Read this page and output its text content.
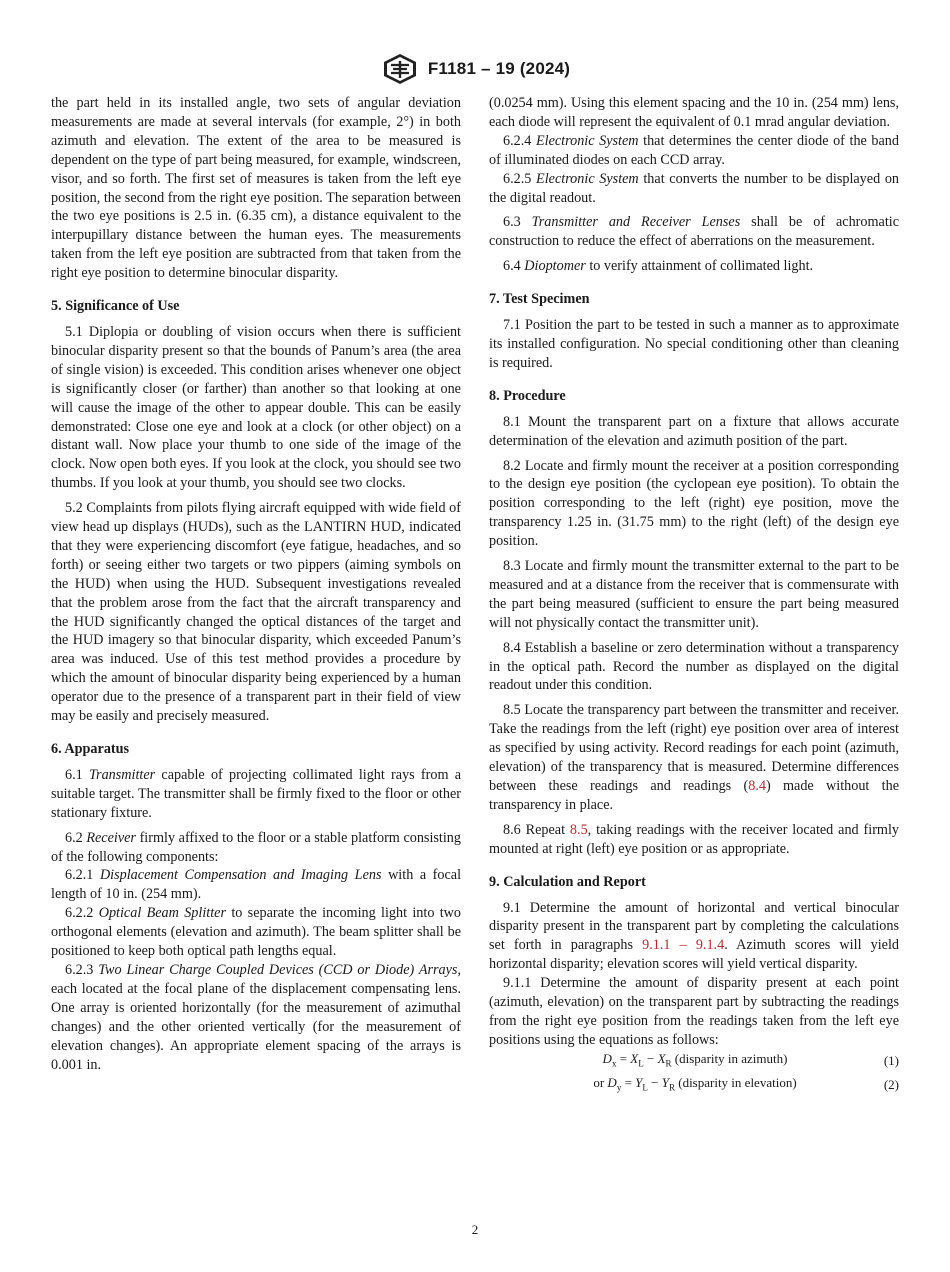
F1181 – 19 (2024)

the part held in its installed angle, two sets of angular deviation measurements are made at several intervals (for example, 2°) in both azimuth and elevation. The extent of the area to be measured is dependent on the type of part being measured, for example, windscreen, visor, and so forth. The first set of measures is taken from the left eye position, the second from the right eye position. The separation between the two eye positions is 2.5 in. (6.35 cm), a distance equivalent to the interpupillary distance between the human eyes. The measurements taken from the left eye position are subtracted from that taken from the right eye position to determine binocular disparity.

5. Significance of Use

5.1 Diplopia or doubling of vision occurs when there is sufficient binocular disparity present so that the bounds of Panum’s area (the area of single vision) is exceeded. This condition arises whenever one object is significantly closer (or farther) than another so that looking at one will cause the image of the other to appear double. This can be easily demonstrated: Close one eye and look at a clock (or other object) on a distant wall. Now place your thumb to one side of the image of the clock. Now open both eyes. If you look at the clock, you should see two thumbs. If you look at your thumb, you should see two clocks.

5.2 Complaints from pilots flying aircraft equipped with wide field of view head up displays (HUDs), such as the LANTIRN HUD, indicated that they were experiencing discomfort (eye fatigue, headaches, and so forth) or seeing either two targets or two pippers (aiming symbols on the HUD) when using the HUD. Subsequent investigations revealed that the problem arose from the fact that the aircraft transparency and the HUD significantly changed the optical distances of the target and the HUD imagery so that binocular disparity, which exceeded Panum’s area was induced. Use of this test method provides a procedure by which the amount of binocular disparity being experienced by a human operator due to the presence of a transparent part in their field of view may be easily and precisely measured.

6. Apparatus

6.1 Transmitter capable of projecting collimated light rays from a suitable target. The transmitter shall be firmly fixed to the floor or other stationary fixture.

6.2 Receiver firmly affixed to the floor or a stable platform consisting of the following components:

6.2.1 Displacement Compensation and Imaging Lens with a focal length of 10 in. (254 mm).

6.2.2 Optical Beam Splitter to separate the incoming light into two orthogonal elements (elevation and azimuth). The beam splitter shall be positioned to keep both optical path lengths equal.

6.2.3 Two Linear Charge Coupled Devices (CCD or Diode) Arrays, each located at the focal plane of the displacement compensating lens. One array is oriented horizontally (for the measurement of azimuthal changes) and the other oriented vertically (for the measurement of elevation changes). An appropriate element spacing of the arrays is 0.001 in.

(0.0254 mm). Using this element spacing and the 10 in. (254 mm) lens, each diode will represent the equivalent of 0.1 mrad angular deviation.

6.2.4 Electronic System that determines the center diode of the band of illuminated diodes on each CCD array.

6.2.5 Electronic System that converts the number to be displayed on the digital readout.

6.3 Transmitter and Receiver Lenses shall be of achromatic construction to reduce the effect of aberrations on the measurement.

6.4 Dioptomer to verify attainment of collimated light.

7. Test Specimen

7.1 Position the part to be tested in such a manner as to approximate its installed configuration. No special conditioning other than cleaning is required.

8. Procedure

8.1 Mount the transparent part on a fixture that allows accurate determination of the elevation and azimuth position of the part.

8.2 Locate and firmly mount the receiver at a position corresponding to the design eye position (the cyclopean eye position). To obtain the position corresponding to the left (right) eye position, move the transparency 1.25 in. (31.75 mm) to the right (left) of the design eye position.

8.3 Locate and firmly mount the transmitter external to the part to be measured and at a distance from the receiver that is commensurate with the part being measured (sufficient to ensure the part being measured will not physically contact the transmitter unit).

8.4 Establish a baseline or zero determination without a transparency in the optical path. Record the number as displayed on the digital readout under this condition.

8.5 Locate the transparency part between the transmitter and receiver. Take the readings from the left (right) eye position over area of interest as specified by using activity. Record readings for each point (azimuth, elevation) of the transparency that is measured. Determine differences between these readings and readings (8.4) made without the transparency in place.

8.6 Repeat 8.5, taking readings with the receiver located and firmly mounted at right (left) eye position or as appropriate.

9. Calculation and Report

9.1 Determine the amount of horizontal and vertical binocular disparity present in the transparent part by completing the calculations set forth in paragraphs 9.1.1 – 9.1.4. Azimuth scores will yield horizontal disparity; elevation scores will yield vertical disparity.

9.1.1 Determine the amount of disparity present at each point (azimuth, elevation) on the transparent part by subtracting the readings from the right eye position from the readings taken from the left eye positions using the equations as follows:

$D_x = X_L - X_R$ (disparity in azimuth)	(1)
or $D_y = Y_L - Y_R$ (disparity in elevation)	(2)
2
